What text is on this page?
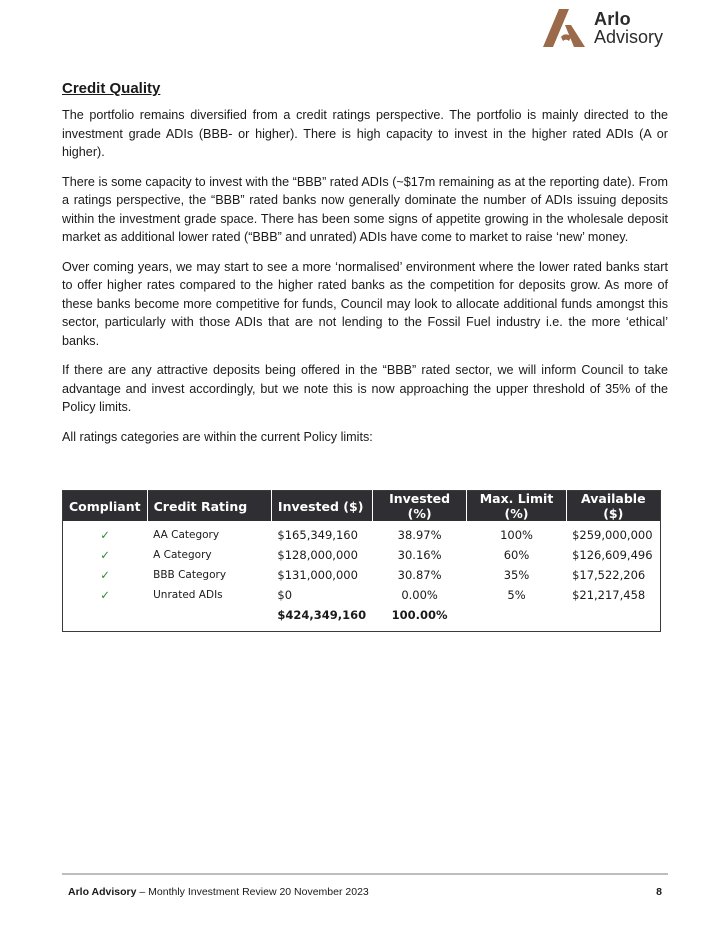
Arlo
Advisory
Credit Quality

The portfolio remains diversified from a credit ratings perspective. The portfolio is mainly directed to the investment grade ADIs (BBB- or higher). There is high capacity to invest in the higher rated ADIs (A or higher).

There is some capacity to invest with the “BBB” rated ADIs (~$17m remaining as at the reporting date). From a ratings perspective, the “BBB” rated banks now generally dominate the number of ADIs issuing deposits within the investment grade space. There has been some signs of appetite growing in the wholesale deposit market as additional lower rated (“BBB” and unrated) ADIs have come to market to raise ‘new’ money.

Over coming years, we may start to see a more ‘normalised’ environment where the lower rated banks start to offer higher rates compared to the higher rated banks as the competition for deposits grow. As more of these banks become more competitive for funds, Council may look to allocate additional funds amongst this sector, particularly with those ADIs that are not lending to the Fossil Fuel industry i.e. the more ‘ethical’ banks.

If there are any attractive deposits being offered in the “BBB” rated sector, we will inform Council to take advantage and invest accordingly, but we note this is now approaching the upper threshold of 35% of the Policy limits.

All ratings categories are within the current Policy limits:

Compliant	Credit Rating	Invested ($)	Invested (%)	Max. Limit (%)	Available ($)
✓	AA Category	$165,349,160	38.97%	100%	$259,000,000
✓	A Category	$128,000,000	30.16%	60%	$126,609,496
✓	BBB Category	$131,000,000	30.87%	35%	$17,522,206
✓	Unrated ADIs	$0	0.00%	5%	$21,217,458
		$424,349,160	100.00%		
Arlo Advisory – Monthly Investment Review 20 November 2023	8
